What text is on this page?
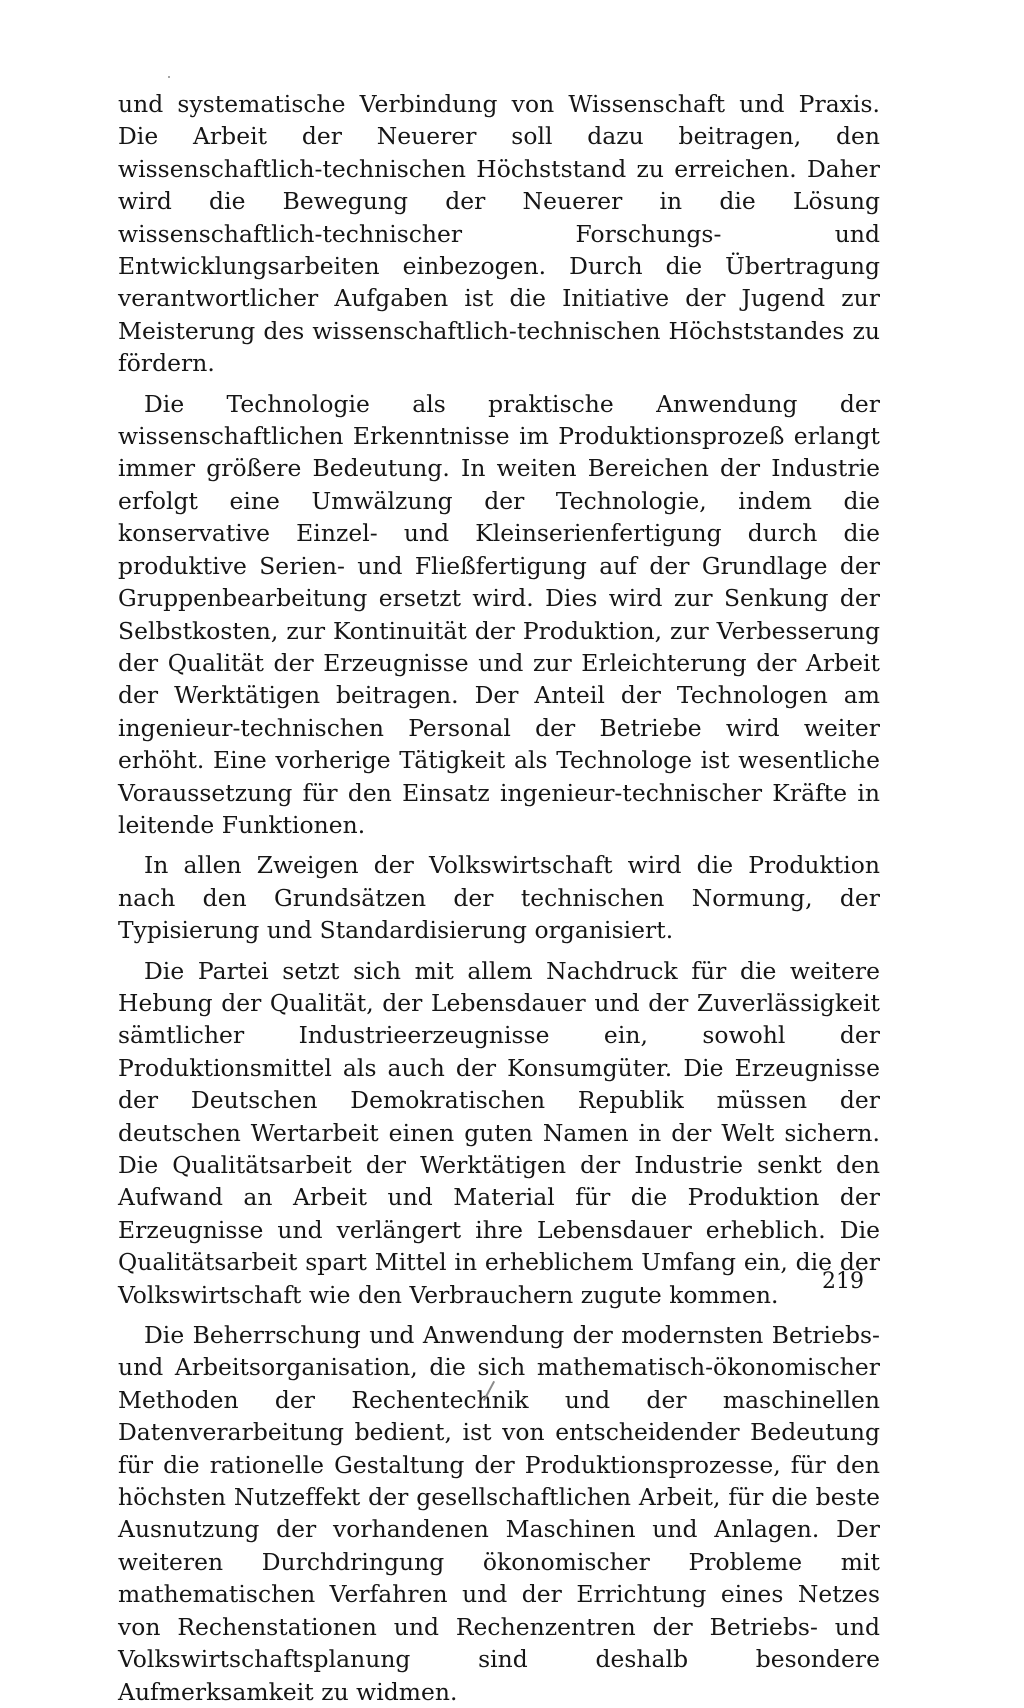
und systematische Verbindung von Wissenschaft und Praxis. Die Arbeit der Neuerer soll dazu beitragen, den wissenschaftlich-technischen Höchststand zu erreichen. Daher wird die Bewegung der Neuerer in die Lösung wissenschaftlich-technischer Forschungs- und Entwicklungsarbeiten einbezogen. Durch die Übertragung verantwortlicher Aufgaben ist die Initiative der Jugend zur Meisterung des wissenschaftlich-technischen Höchststandes zu fördern.

Die Technologie als praktische Anwendung der wissenschaftlichen Erkenntnisse im Produktionsprozeß erlangt immer größere Bedeutung. In weiten Bereichen der Industrie erfolgt eine Umwälzung der Technologie, indem die konservative Einzel- und Kleinserienfertigung durch die produktive Serien- und Fließfertigung auf der Grundlage der Gruppenbearbeitung ersetzt wird. Dies wird zur Senkung der Selbstkosten, zur Kontinuität der Produktion, zur Verbesserung der Qualität der Erzeugnisse und zur Erleichterung der Arbeit der Werktätigen beitragen. Der Anteil der Technologen am ingenieur-technischen Personal der Betriebe wird weiter erhöht. Eine vorherige Tätigkeit als Technologe ist wesentliche Voraussetzung für den Einsatz ingenieur-technischer Kräfte in leitende Funktionen.

In allen Zweigen der Volkswirtschaft wird die Produktion nach den Grundsätzen der technischen Normung, der Typisierung und Standardisierung organisiert.

Die Partei setzt sich mit allem Nachdruck für die weitere Hebung der Qualität, der Lebensdauer und der Zuverlässigkeit sämtlicher Industrieerzeugnisse ein, sowohl der Produktionsmittel als auch der Konsumgüter. Die Erzeugnisse der Deutschen Demokratischen Republik müssen der deutschen Wertarbeit einen guten Namen in der Welt sichern. Die Qualitätsarbeit der Werktätigen der Industrie senkt den Aufwand an Arbeit und Material für die Produktion der Erzeugnisse und verlängert ihre Lebensdauer erheblich. Die Qualitätsarbeit spart Mittel in erheblichem Umfang ein, die der Volkswirtschaft wie den Verbrauchern zugute kommen.

Die Beherrschung und Anwendung der modernsten Betriebs- und Arbeitsorganisation, die sich mathematisch-ökonomischer Methoden der Rechentechnik und der maschinellen Datenverarbeitung bedient, ist von entscheidender Bedeutung für die rationelle Gestaltung der Produktionsprozesse, für den höchsten Nutzeffekt der gesellschaftlichen Arbeit, für die beste Ausnutzung der vorhandenen Maschinen und Anlagen. Der weiteren Durchdringung ökonomischer Probleme mit mathematischen Verfahren und der Errichtung eines Netzes von Rechenstationen und Rechenzentren der Betriebs- und Volkswirtschaftsplanung sind deshalb besondere Aufmerksamkeit zu widmen.

219
